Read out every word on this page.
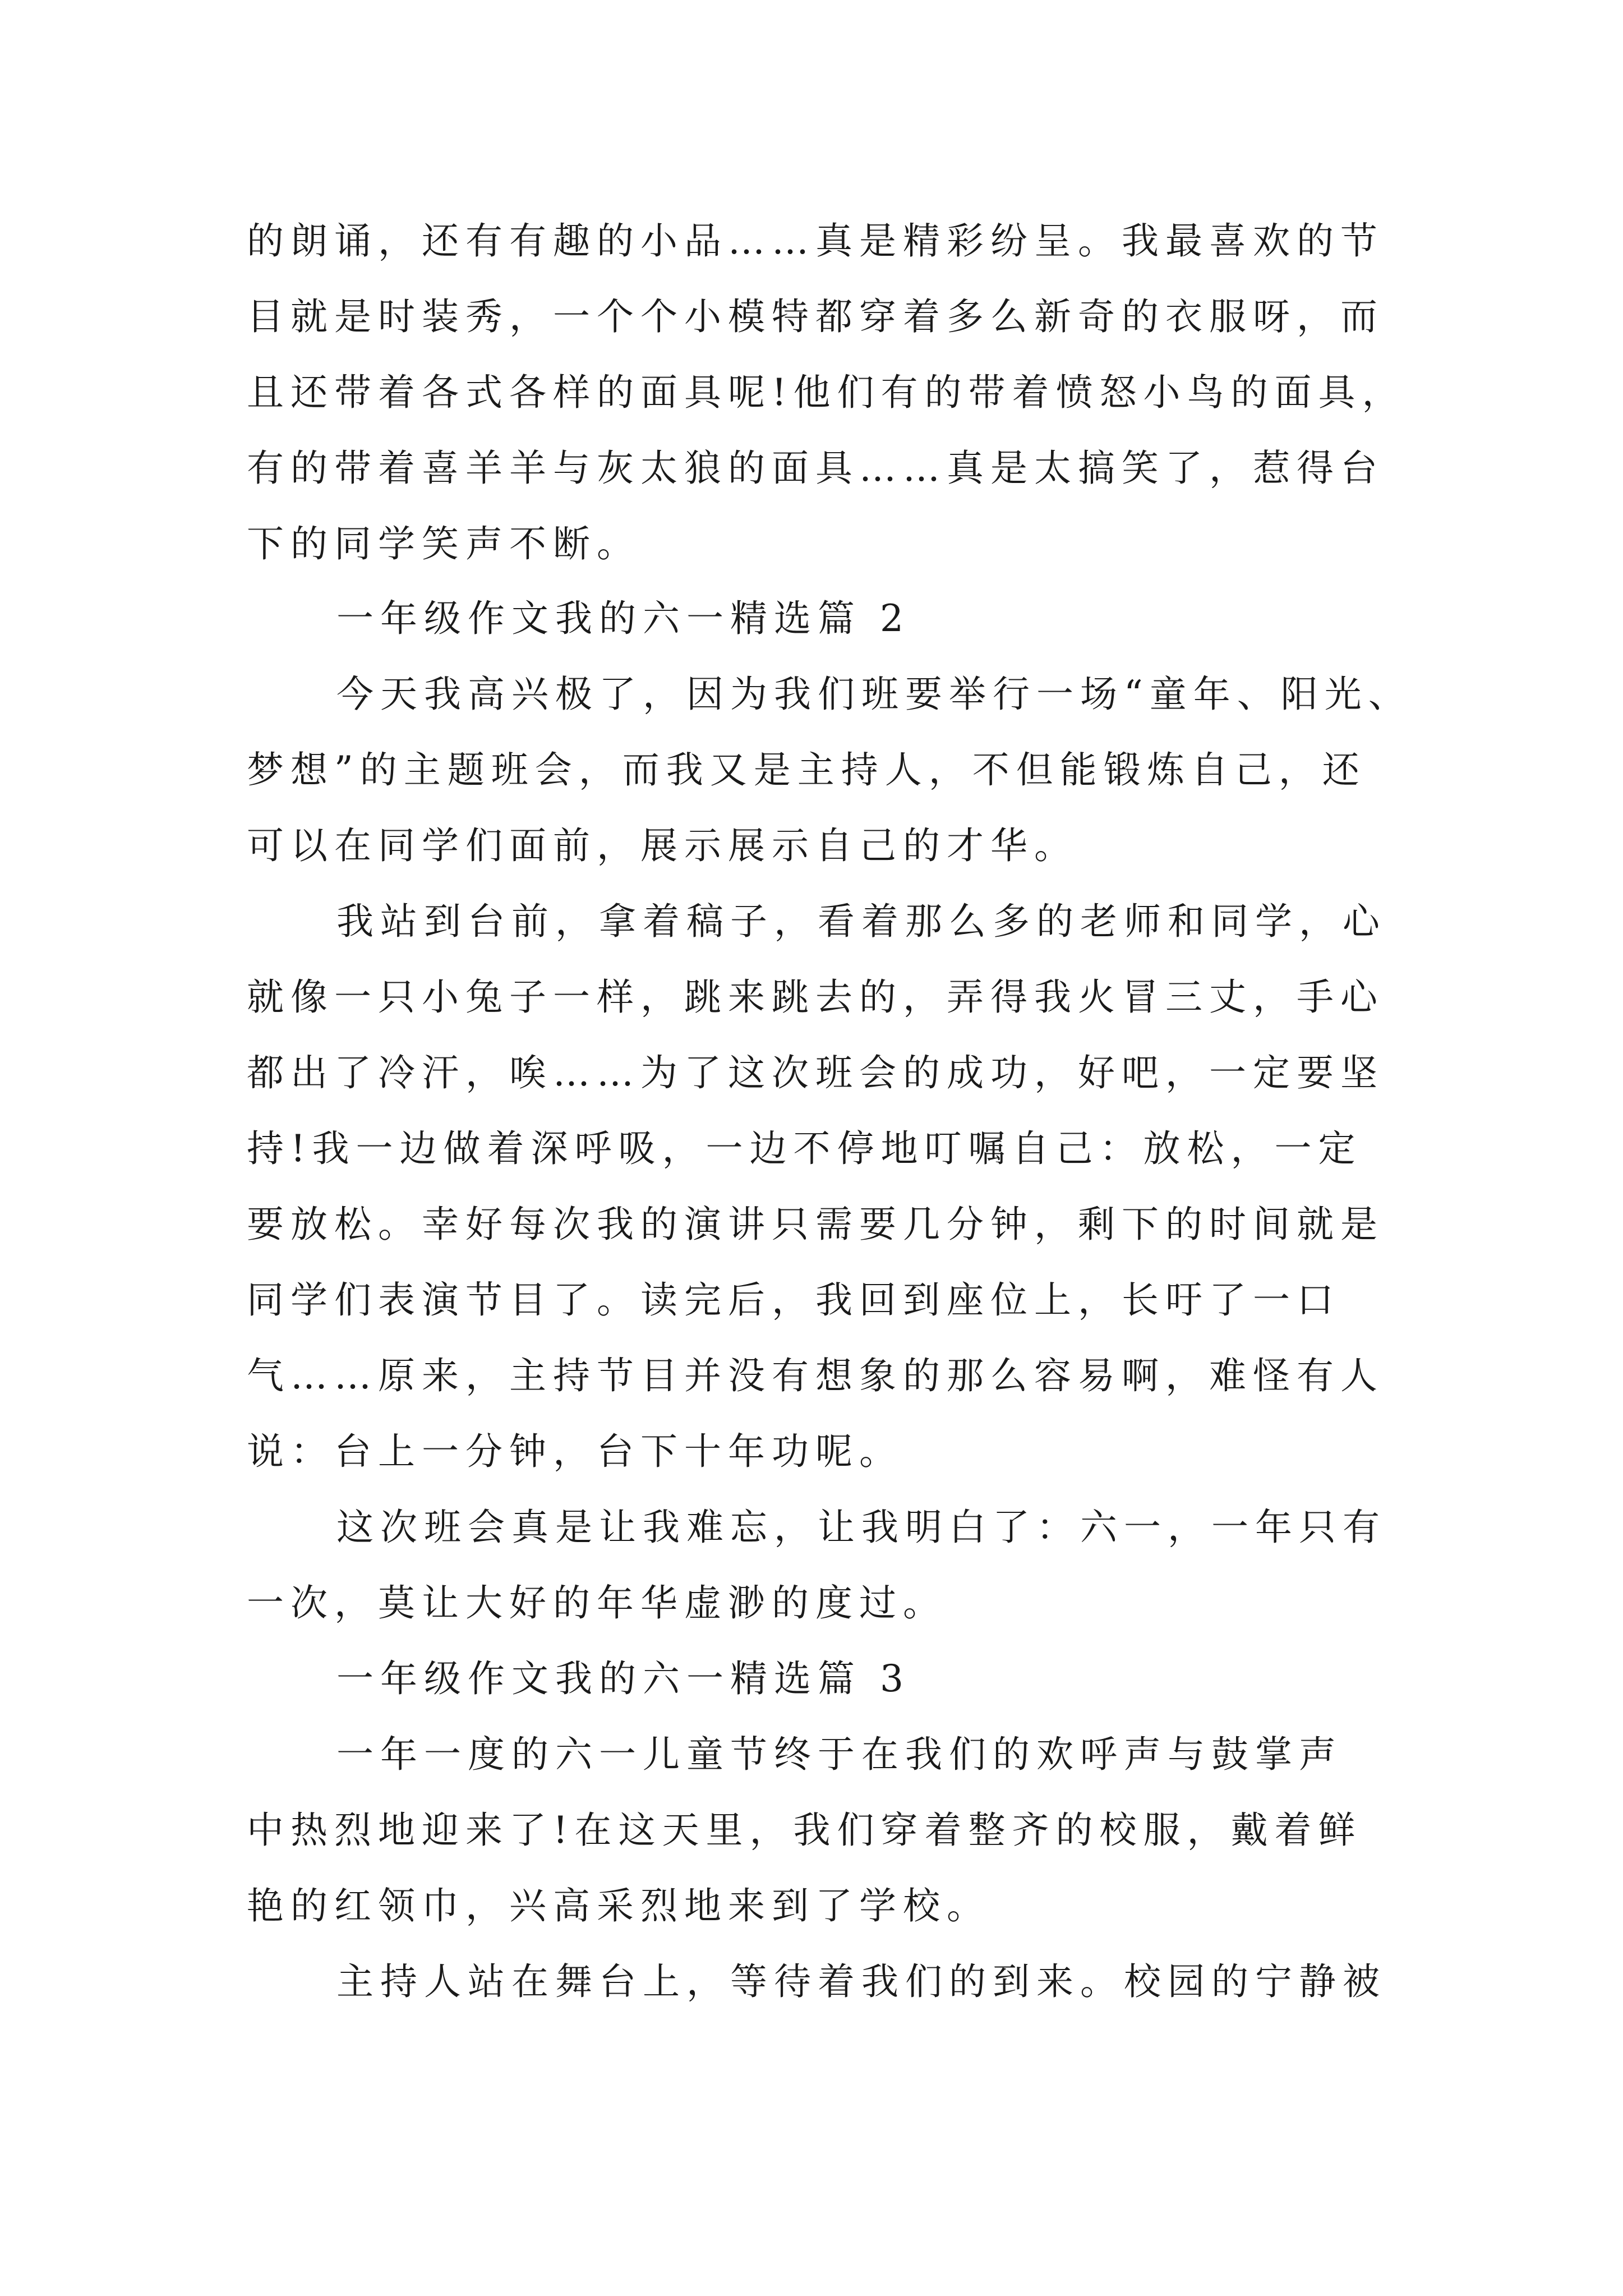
的朗诵，还有有趣的小品……真是精彩纷呈。我最喜欢的节
目就是时装秀，一个个小模特都穿着多么新奇的衣服呀，而
且还带着各式各样的面具呢!他们有的带着愤怒小鸟的面具，
有的带着喜羊羊与灰太狼的面具……真是太搞笑了，惹得台
下的同学笑声不断。
一年级作文我的六一精选篇 2
今天我高兴极了，因为我们班要举行一场“童年、阳光、
梦想”的主题班会，而我又是主持人，不但能锻炼自己，还
可以在同学们面前，展示展示自己的才华。
我站到台前，拿着稿子，看着那么多的老师和同学，心
就像一只小兔子一样，跳来跳去的，弄得我火冒三丈，手心
都出了冷汗，唉……为了这次班会的成功，好吧，一定要坚
持!我一边做着深呼吸，一边不停地叮嘱自己：放松，一定
要放松。幸好每次我的演讲只需要几分钟，剩下的时间就是
同学们表演节目了。读完后，我回到座位上，长吁了一口
气……原来，主持节目并没有想象的那么容易啊，难怪有人
说：台上一分钟，台下十年功呢。
这次班会真是让我难忘，让我明白了：六一，一年只有
一次，莫让大好的年华虚渺的度过。
一年级作文我的六一精选篇 3
一年一度的六一儿童节终于在我们的欢呼声与鼓掌声
中热烈地迎来了!在这天里，我们穿着整齐的校服，戴着鲜
艳的红领巾，兴高采烈地来到了学校。
主持人站在舞台上，等待着我们的到来。校园的宁静被
